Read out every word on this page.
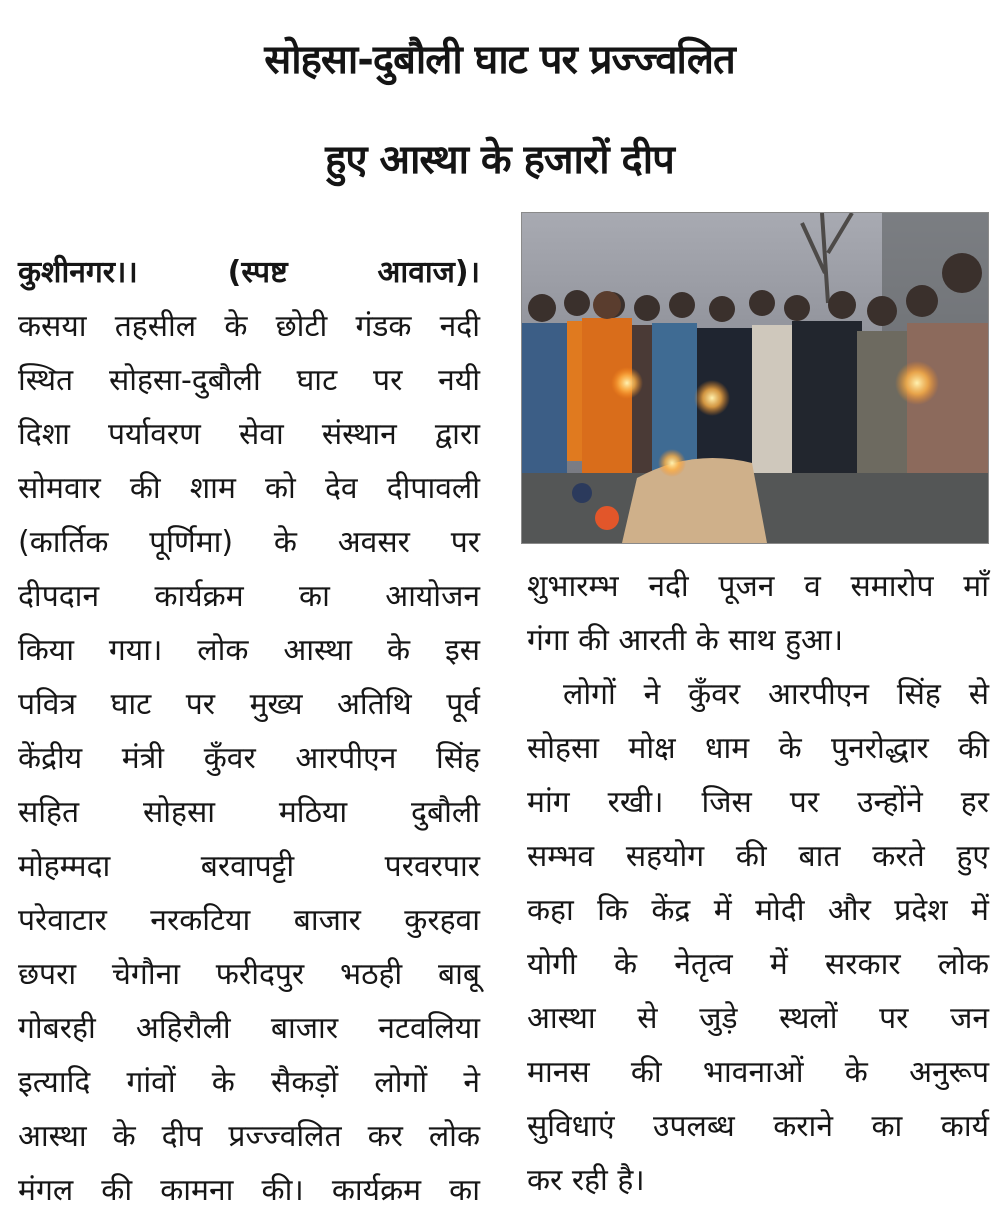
सोहसा-दुबौली घाट पर प्रज्ज्वलित
हुए आस्था के हजारों दीप
कुशीनगर।। (स्पष्ट आवाज)।
कसया तहसील के छोटी गंडक नदी
स्थित सोहसा-दुबौली घाट पर नयी
दिशा पर्यावरण सेवा संस्थान द्वारा
सोमवार की शाम को देव दीपावली
(कार्तिक पूर्णिमा) के अवसर पर
दीपदान कार्यक्रम का आयोजन
किया गया। लोक आस्था के इस
पवित्र घाट पर मुख्य अतिथि पूर्व
केंद्रीय मंत्री कुँवर आरपीएन सिंह
सहित सोहसा मठिया दुबौली
मोहम्मदा बरवापट्टी परवरपार
परेवाटार नरकटिया बाजार कुरहवा
छपरा चेगौना फरीदपुर भठही बाबू
गोबरही अहिरौली बाजार नटवलिया
इत्यादि गांवों के सैकड़ों लोगों ने
आस्था के दीप प्रज्ज्वलित कर लोक
मंगल की कामना की। कार्यक्रम का
शुभारम्भ नदी पूजन व समारोप माँ
गंगा की आरती के साथ हुआ।
लोगों ने कुँवर आरपीएन सिंह से
सोहसा मोक्ष धाम के पुनरोद्धार की
मांग रखी। जिस पर उन्होंने हर
सम्भव सहयोग की बात करते हुए
कहा कि केंद्र में मोदी और प्रदेश में
योगी के नेतृत्व में सरकार लोक
आस्था से जुड़े स्थलों पर जन
मानस की भावनाओं के अनुरूप
सुविधाएं उपलब्ध कराने का कार्य
कर रही है।
